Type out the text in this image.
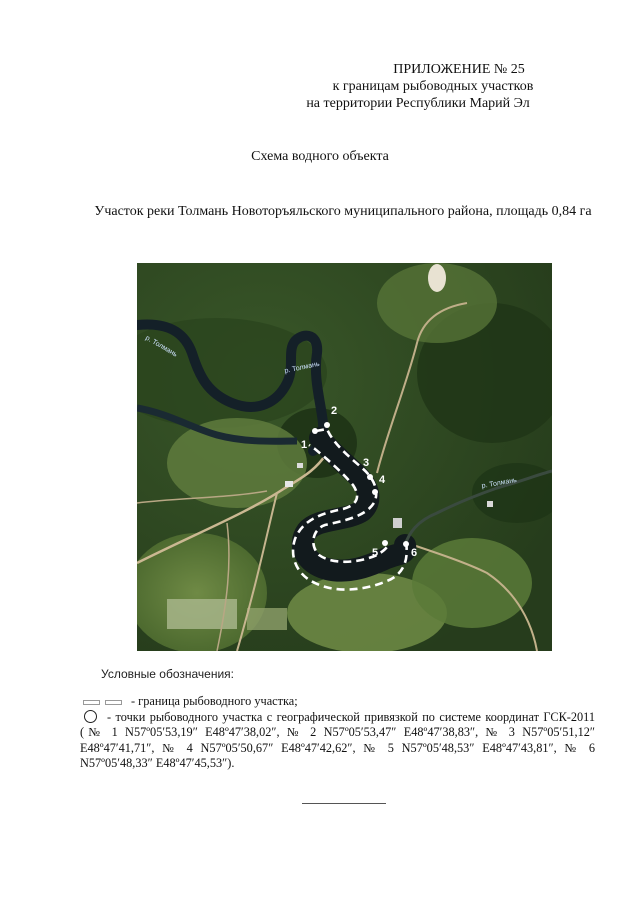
ПРИЛОЖЕНИЕ № 25
к границам рыбоводных участков
на территории Республики Марий Эл
Схема водного объекта
Участок реки Толмань Новоторъяльского муниципального района, площадь 0,84 га
1
2
3
4
5	6
р. Толмань
р. Толмань
р. Толмань
Условные обозначения:
- граница рыбоводного участка;
- точки рыбоводного участка с географической привязкой по системе координат ГСК-2011 (№ 1 N57º05′53,19″ E48º47′38,02″, № 2 N57º05′53,47″ E48º47′38,83″, № 3 N57º05′51,12″ E48º47′41,71″, № 4 N57º05′50,67″ E48º47′42,62″, № 5 N57º05′48,53″ E48º47′43,81″, № 6 N57º05′48,33″ E48º47′45,53″).
